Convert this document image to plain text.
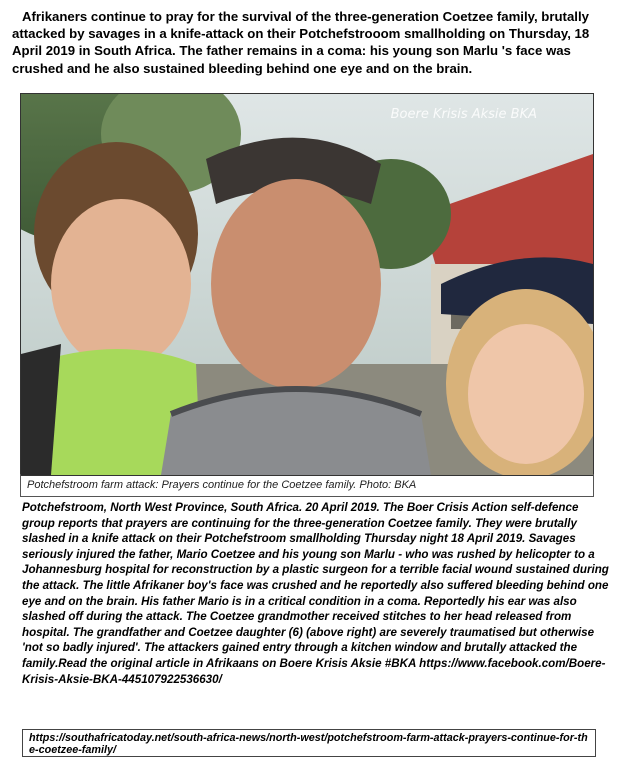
Afrikaners continue to pray for the survival of the three-generation Coetzee family, brutally attacked by savages in a knife-attack on their Potchefstrooom smallholding on Thursday, 18 April 2019 in South Africa. The father remains in a coma: his young son Marlu 's face was crushed and he also sustained bleeding behind one eye and on the brain.
Boere Krisis Aksie BKA
Potchefstroom farm attack: Prayers continue for the Coetzee family. Photo: BKA
Potchefstroom, North West Province, South Africa. 20 April 2019. The Boer Crisis Action self-defence group reports that prayers are continuing for the three-generation Coetzee family. They were brutally slashed in a knife attack on their Potchefstroom smallholding Thursday night 18 April 2019. Savages seriously injured the father, Mario Coetzee and his young son Marlu - who was rushed by helicopter to a Johannesburg hospital for reconstruction by a plastic surgeon for a terrible facial wound sustained during the attack. The little Afrikaner boy's face was crushed and he reportedly also suffered bleeding behind one eye and on the brain. His father Mario is in a critical condition in a coma. Reportedly his ear was also slashed off during the attack. The Coetzee grandmother received stitches to her head released from hospital. The grandfather and Coetzee daughter (6) (above right) are severely traumatised but otherwise 'not so badly injured'. The attackers gained entry through a kitchen window and brutally attacked the family.Read the original article in Afrikaans on Boere Krisis Aksie #BKA https://www.facebook.com/Boere-Krisis-Aksie-BKA-445107922536630/
https://southafricatoday.net/south-africa-news/north-west/potchefstroom-farm-attack-prayers-continue-for-the-coetzee-family/
